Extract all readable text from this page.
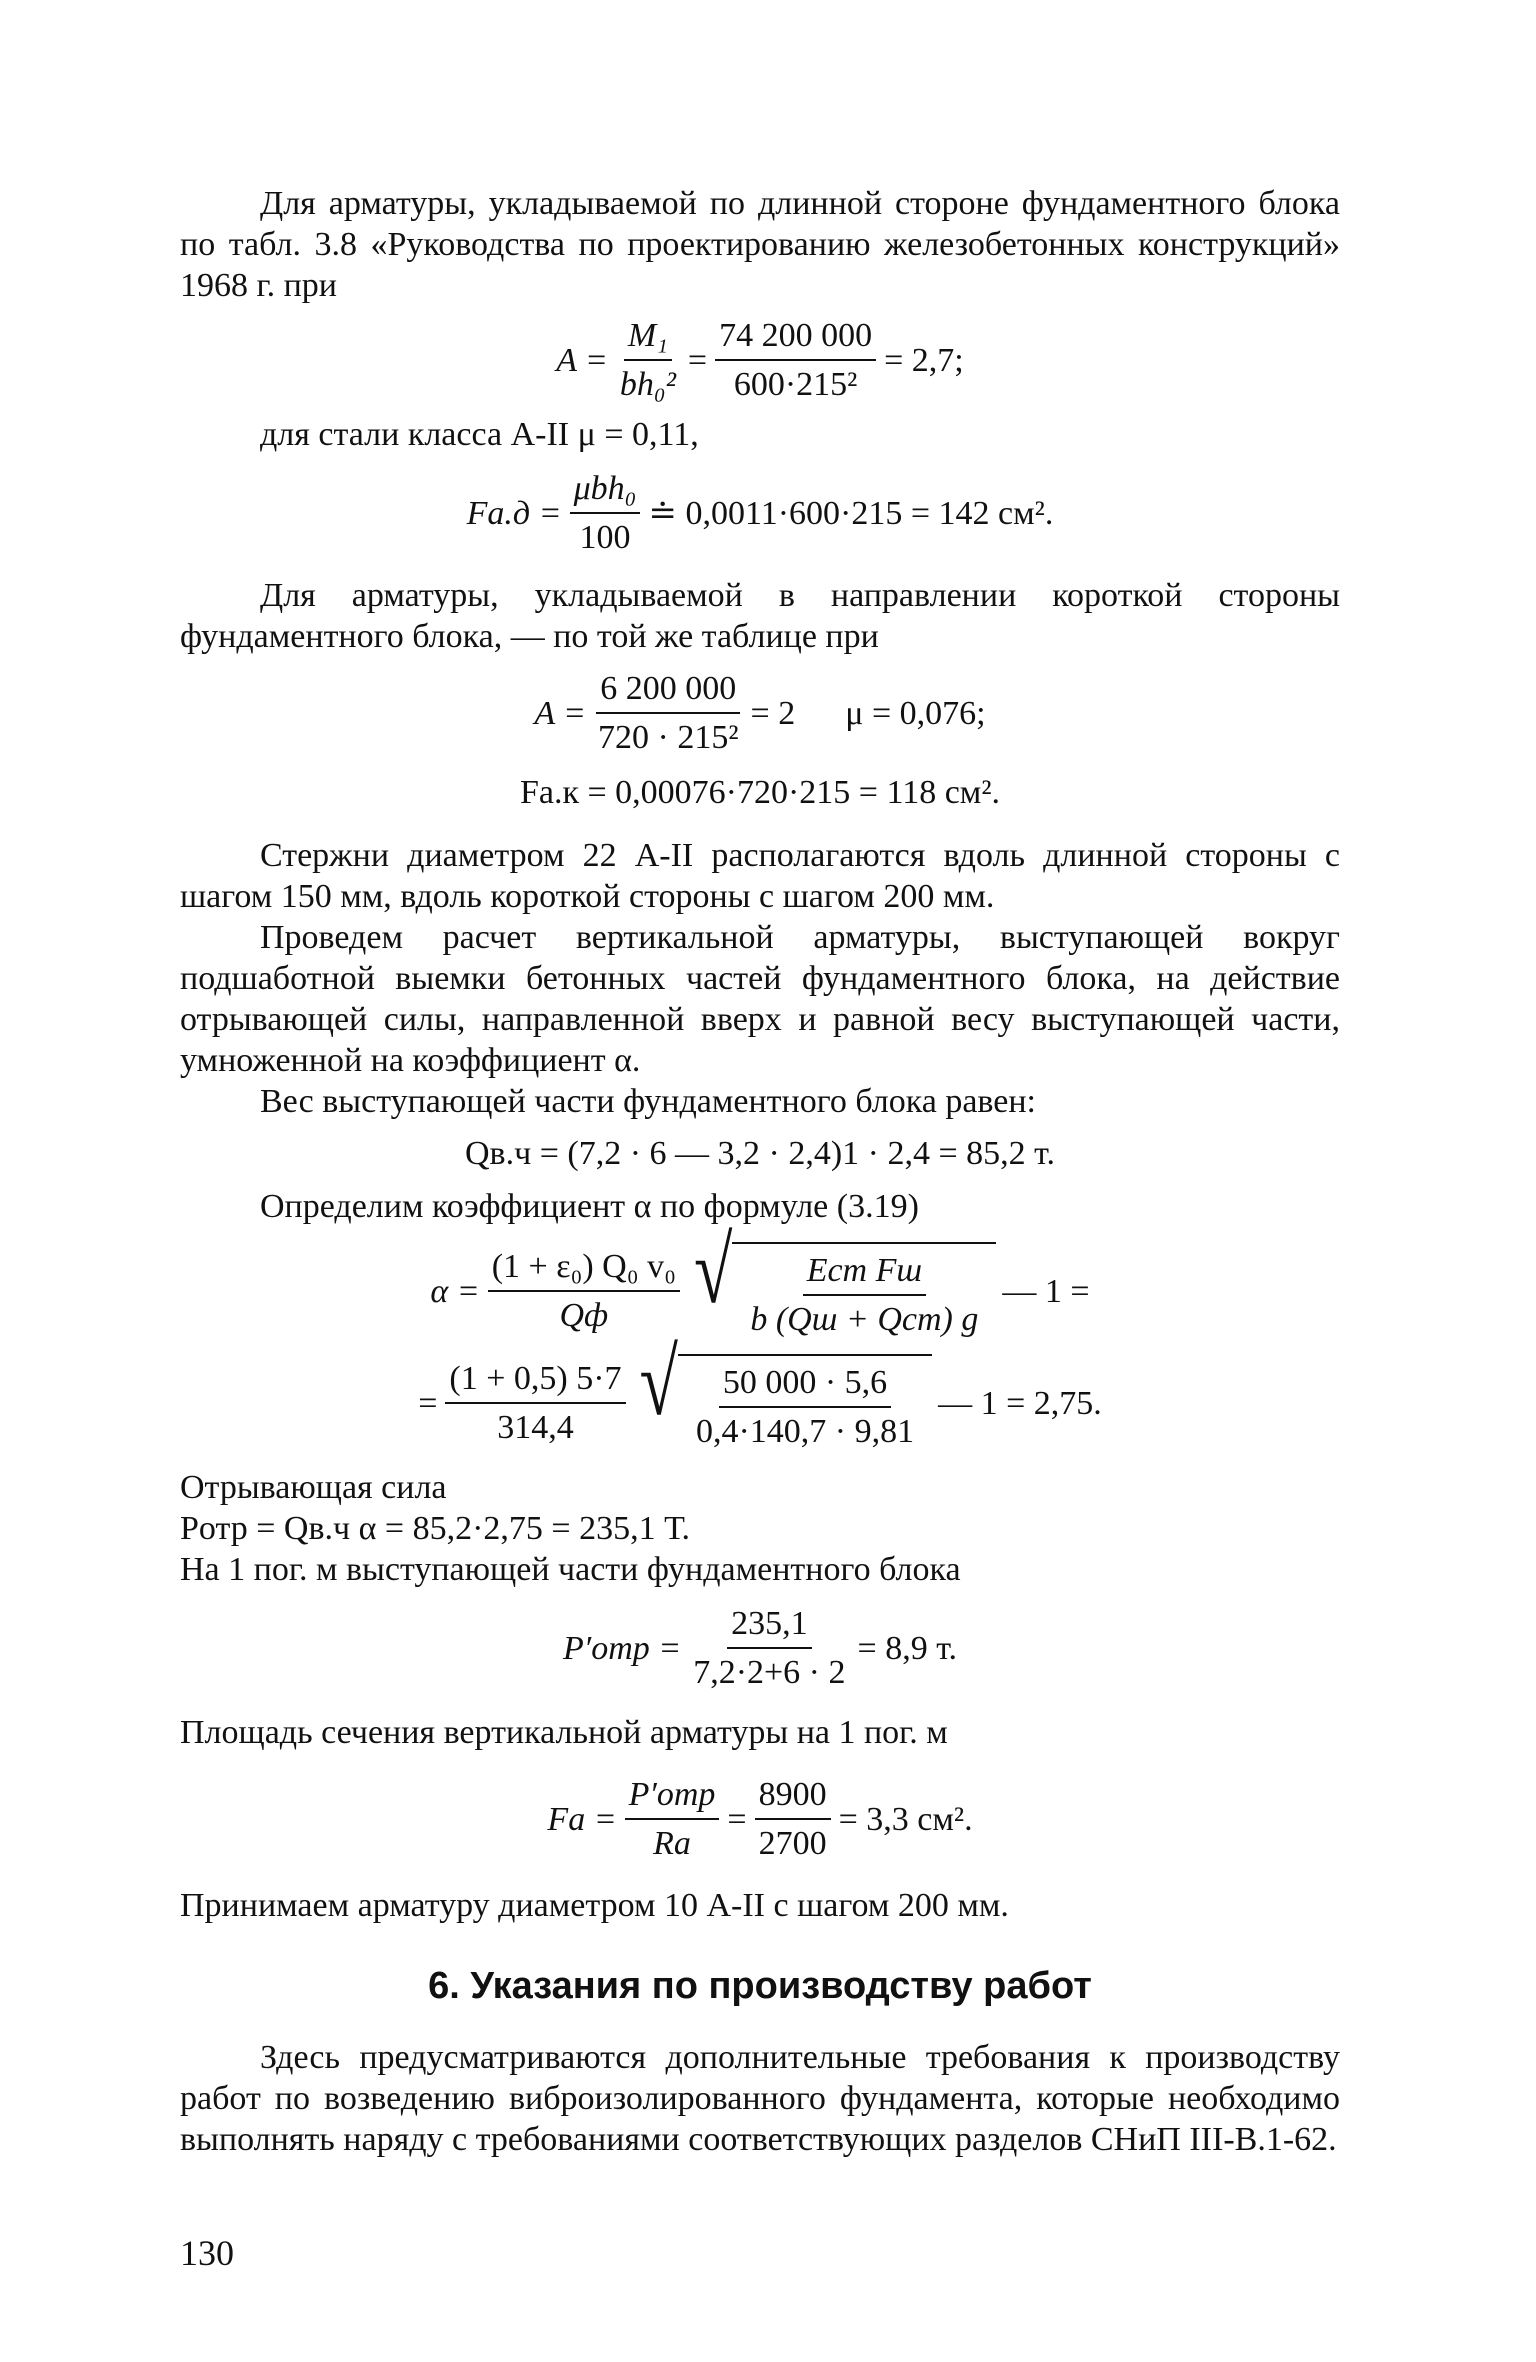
Для арматуры, укладываемой по длинной стороне фундаментного блока по табл. 3.8 «Руководства по проектированию железобетонных конструкций» 1968 г. при

$A = \frac{\text{M₁}}{\text{bh₀²}} = \frac{74 200 000}{\text{600·215²}} = 2,7$;

для стали класса А-II μ = 0,11,

$Fа.д = \frac{\text{μbh₀}}{100}$ ≐ 0,0011·600·215 = 142 см².

Для арматуры, укладываемой в направлении короткой стороны фундаментного блока, — по той же таблице при

$A = \frac{6 200 000}{\text{720 · 215²}} = 2$ μ = 0,076;
Fа.к = 0,00076·720·215 = 118 см².

Стержни диаметром 22 А-II располагаются вдоль длинной стороны с шагом 150 мм, вдоль короткой стороны с шагом 200 мм.

Проведем расчет вертикальной арматуры, выступающей вокруг подшаботной выемки бетонных частей фундаментного блока, на действие отрывающей силы, направленной вверх и равной весу выступающей части, умноженной на коэффициент α.

Вес выступающей части фундаментного блока равен:

Qв.ч = (7,2 · 6 — 3,2 · 2,4)1 · 2,4 = 85,2 т.

Определим коэффициент α по формуле (3.19)

$\alpha = \frac{\text{(1 + ε₀) Q₀ v₀}}{Qф}$ √ $\frac{\text{Eст Fш}}{\text{b (Qш + Qст) g}}$ — 1 =
= $\frac{(1 + 0,5) 5\cdot 7}{314,4}$ √ $\frac{50 000 \cdot 5,6}{0,4\cdot 140,7 \cdot 9,81}$ — 1 = 2,75.

Отрывающая сила

Pотр = Qв.ч α = 85,2·2,75 = 235,1 Т.

На 1 пог. м выступающей части фундаментного блока

$P'отр = \frac{235,1}{7,2\cdot 2+6 \cdot 2} = 8,9$ т.

Площадь сечения вертикальной арматуры на 1 пог. м

Fа = $\frac{\text{P′отр}}{Rа} = \frac{8900}{2700} = 3,3$ см².

Принимаем арматуру диаметром 10 А-II с шагом 200 мм.

6. Указания по производству работ

Здесь предусматриваются дополнительные требования к производству работ по возведению виброизолированного фундамента, которые необходимо выполнять наряду с требованиями соответствующих разделов СНиП III-В.1-62.

130
